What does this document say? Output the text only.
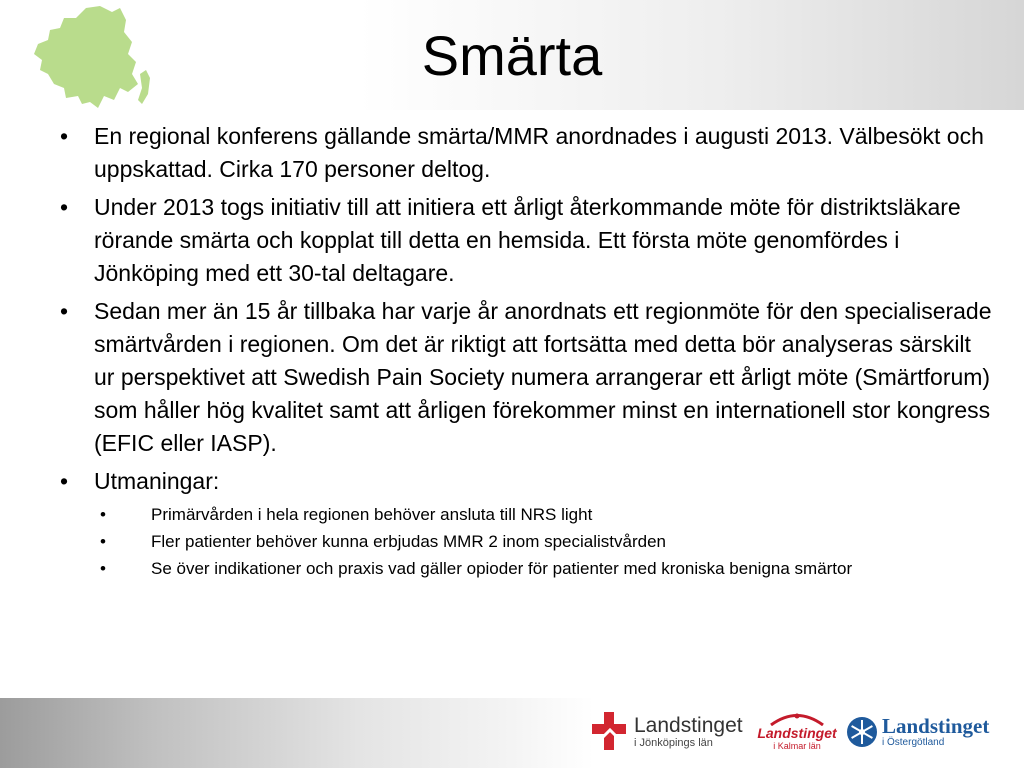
Smärta
•	En regional konferens gällande smärta/MMR anordnades i augusti 2013. Välbesökt och uppskattad. Cirka 170 personer deltog.
•	Under 2013 togs initiativ till att initiera ett årligt återkommande möte för distriktsläkare rörande smärta och kopplat till detta en hemsida. Ett första möte genomfördes i Jönköping med ett 30-tal deltagare.
•	Sedan mer än 15 år tillbaka har varje år anordnats ett regionmöte för den specialiserade smärtvården i regionen. Om det är riktigt att fortsätta med detta bör analyseras särskilt ur perspektivet att Swedish Pain Society numera arrangerar ett årligt möte (Smärtforum) som håller hög kvalitet samt att årligen förekommer minst en internationell stor kongress (EFIC eller IASP).
•	Utmaningar:
•	Primärvården i hela regionen behöver ansluta till NRS light
•	Fler patienter behöver kunna erbjudas MMR 2 inom specialistvården
•	Se över indikationer och praxis vad gäller opioder för patienter med kroniska benigna smärtor
Landstinget
i Jönköpings län
Landstinget
i Kalmar län
Landstinget
i Östergötland
